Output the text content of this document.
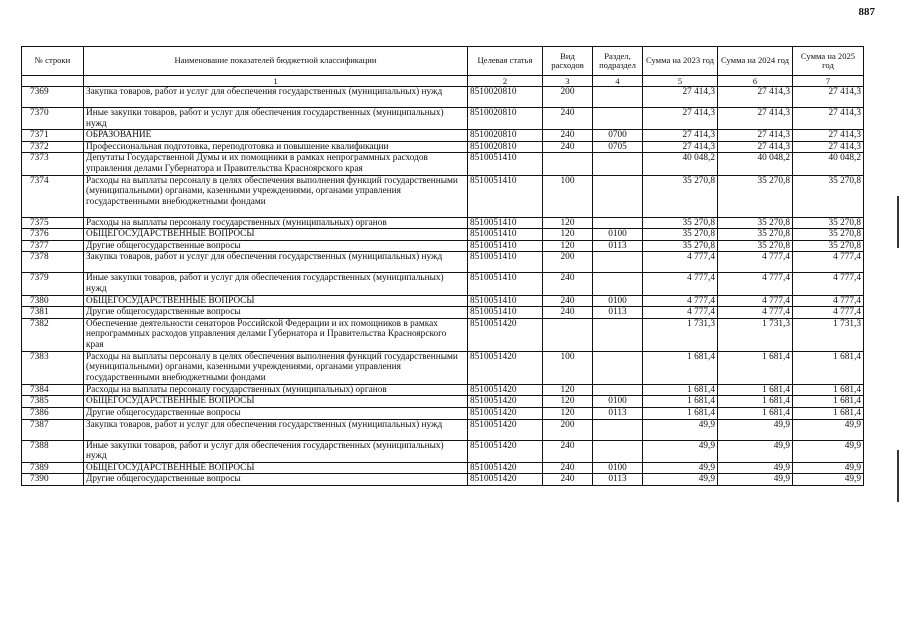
887
№ строки	Наименование показателей бюджетной классификации	Целевая статья	Вид расходов	Раздел, подраздел	Сумма на 2023 год	Сумма на 2024 год	Сумма на 2025 год
	1	2	3	4	5	6	7
7369	Закупка товаров, работ и услуг для обеспечения государственных (муниципальных) нужд	8510020810	200		27 414,3	27 414,3	27 414,3
7370	Иные закупки товаров, работ и услуг для обеспечения государственных (муниципальных) нужд	8510020810	240		27 414,3	27 414,3	27 414,3
7371	ОБРАЗОВАНИЕ	8510020810	240	0700	27 414,3	27 414,3	27 414,3
7372	Профессиональная подготовка, переподготовка и повышение квалификации	8510020810	240	0705	27 414,3	27 414,3	27 414,3
7373	Депутаты Государственной Думы и их помощники в рамках непрограммных расходов управления делами Губернатора и Правительства Красноярского края	8510051410			40 048,2	40 048,2	40 048,2
7374	Расходы на выплаты персоналу в целях обеспечения выполнения функций государственными (муниципальными) органами, казенными учреждениями, органами управления государственными внебюджетными фондами	8510051410	100		35 270,8	35 270,8	35 270,8
7375	Расходы на выплаты персоналу государственных (муниципальных) органов	8510051410	120		35 270,8	35 270,8	35 270,8
7376	ОБЩЕГОСУДАРСТВЕННЫЕ ВОПРОСЫ	8510051410	120	0100	35 270,8	35 270,8	35 270,8
7377	Другие общегосударственные вопросы	8510051410	120	0113	35 270,8	35 270,8	35 270,8
7378	Закупка товаров, работ и услуг для обеспечения государственных (муниципальных) нужд	8510051410	200		4 777,4	4 777,4	4 777,4
7379	Иные закупки товаров, работ и услуг для обеспечения государственных (муниципальных) нужд	8510051410	240		4 777,4	4 777,4	4 777,4
7380	ОБЩЕГОСУДАРСТВЕННЫЕ ВОПРОСЫ	8510051410	240	0100	4 777,4	4 777,4	4 777,4
7381	Другие общегосударственные вопросы	8510051410	240	0113	4 777,4	4 777,4	4 777,4
7382	Обеспечение деятельности сенаторов Российской Федерации и их помощников в рамках непрограммных расходов управления делами Губернатора и Правительства Красноярского края	8510051420			1 731,3	1 731,3	1 731,3
7383	Расходы на выплаты персоналу в целях обеспечения выполнения функций государственными (муниципальными) органами, казенными учреждениями, органами управления государственными внебюджетными фондами	8510051420	100		1 681,4	1 681,4	1 681,4
7384	Расходы на выплаты персоналу государственных (муниципальных) органов	8510051420	120		1 681,4	1 681,4	1 681,4
7385	ОБЩЕГОСУДАРСТВЕННЫЕ ВОПРОСЫ	8510051420	120	0100	1 681,4	1 681,4	1 681,4
7386	Другие общегосударственные вопросы	8510051420	120	0113	1 681,4	1 681,4	1 681,4
7387	Закупка товаров, работ и услуг для обеспечения государственных (муниципальных) нужд	8510051420	200		49,9	49,9	49,9
7388	Иные закупки товаров, работ и услуг для обеспечения государственных (муниципальных) нужд	8510051420	240		49,9	49,9	49,9
7389	ОБЩЕГОСУДАРСТВЕННЫЕ ВОПРОСЫ	8510051420	240	0100	49,9	49,9	49,9
7390	Другие общегосударственные вопросы	8510051420	240	0113	49,9	49,9	49,9
